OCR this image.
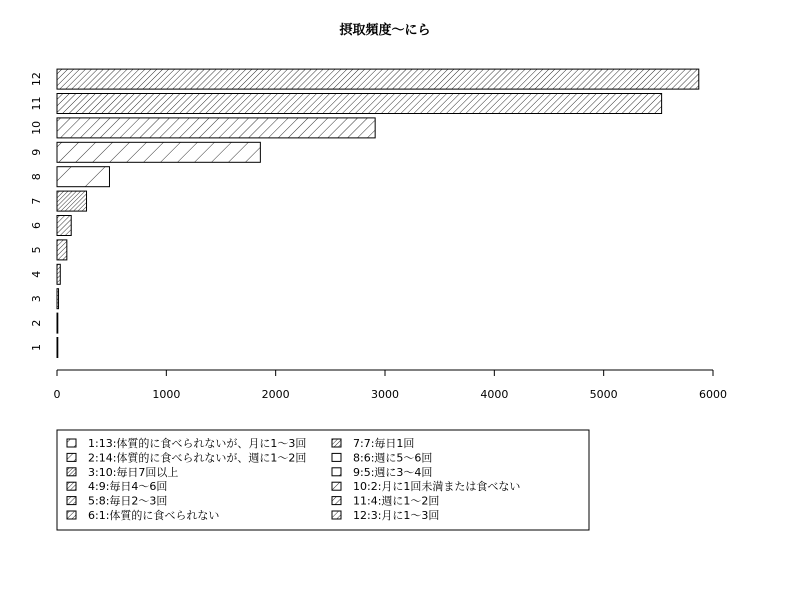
摂取頻度〜にら
1
2
3
4
5
6
7
8
9
10
11
12
0	1000	2000	3000	4000	5000	6000
1:13:体質的に食べられないが、月に1〜3回
2:14:体質的に食べられないが、週に1〜2回
3:10:毎日7回以上
4:9:毎日4〜6回
5:8:毎日2〜3回
6:1:体質的に食べられない
7:7:毎日1回
8:6:週に5〜6回
9:5:週に3〜4回
10:2:月に1回未満または食べない
11:4:週に1〜2回
12:3:月に1〜3回
